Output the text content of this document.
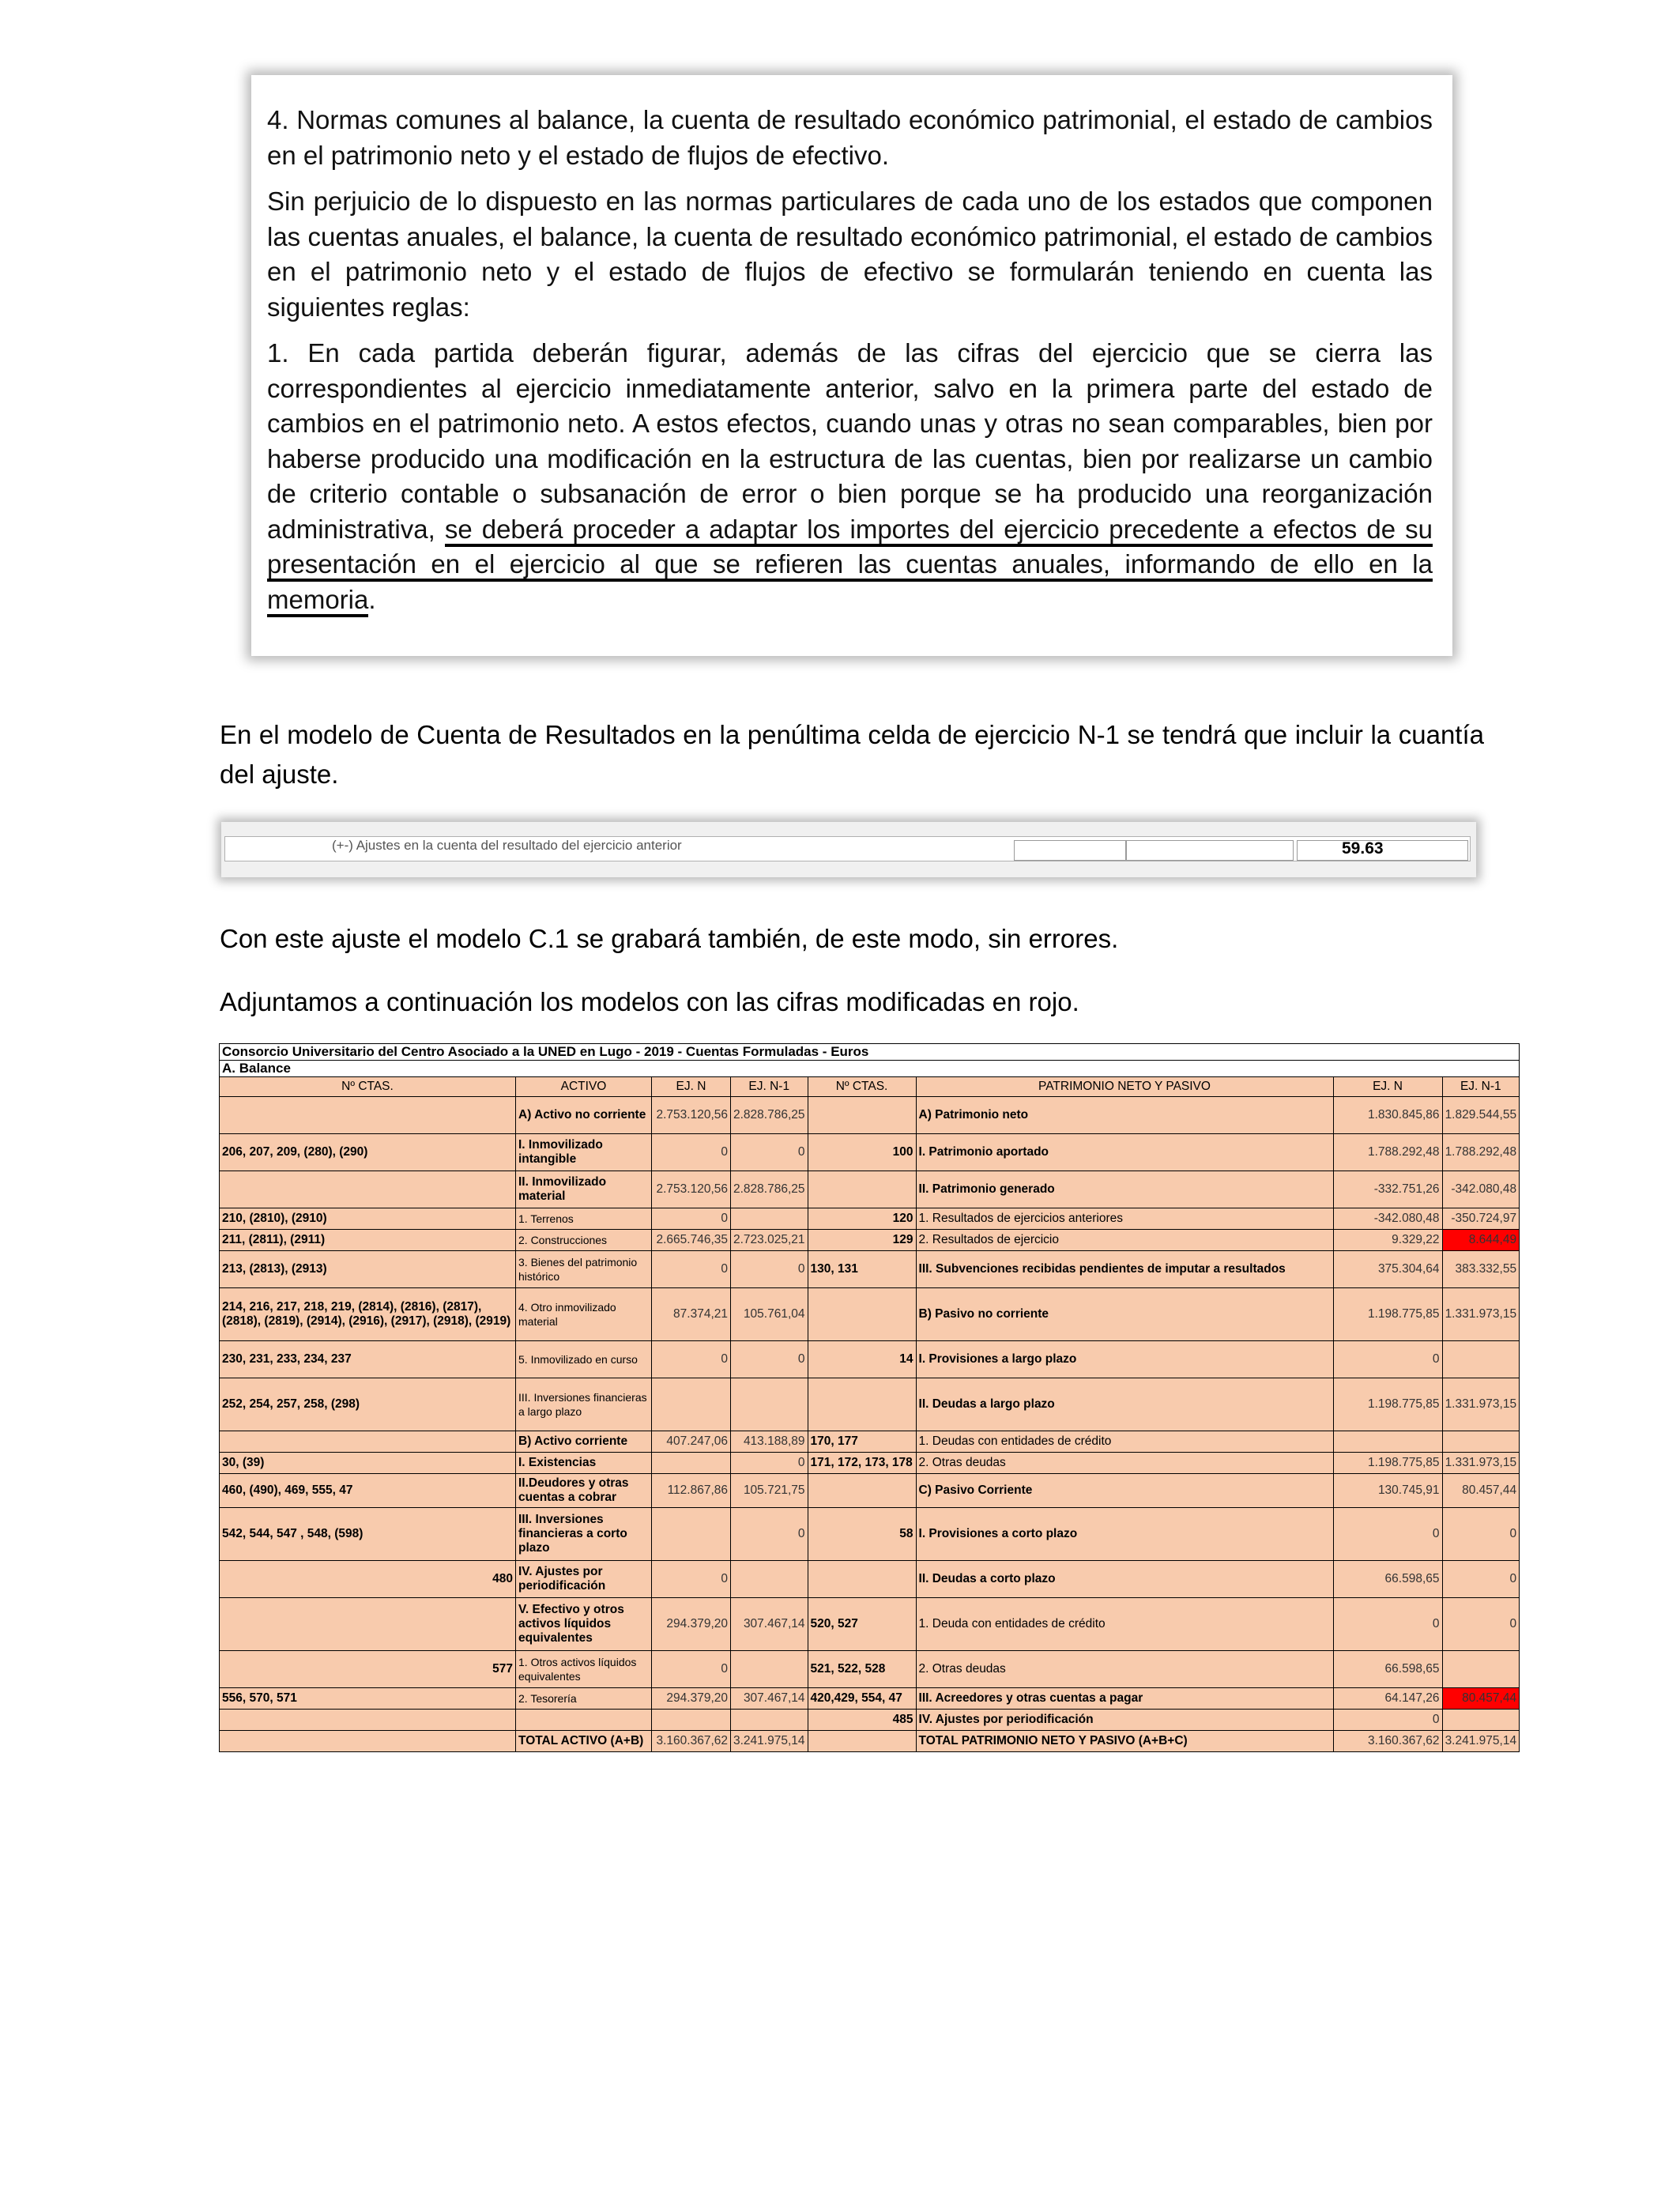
4. Normas comunes al balance, la cuenta de resultado económico patrimonial, el estado de cambios en el patrimonio neto y el estado de flujos de efectivo.

Sin perjuicio de lo dispuesto en las normas particulares de cada uno de los estados que componen las cuentas anuales, el balance, la cuenta de resultado económico patrimonial, el estado de cambios en el patrimonio neto y el estado de flujos de efectivo se formularán teniendo en cuenta las siguientes reglas:

1. En cada partida deberán figurar, además de las cifras del ejercicio que se cierra las correspondientes al ejercicio inmediatamente anterior, salvo en la primera parte del estado de cambios en el patrimonio neto. A estos efectos, cuando unas y otras no sean comparables, bien por haberse producido una modificación en la estructura de las cuentas, bien por realizarse un cambio de criterio contable o subsanación de error o bien porque se ha producido una reorganización administrativa, se deberá proceder a adaptar los importes del ejercicio precedente a efectos de su presentación en el ejercicio al que se refieren las cuentas anuales, informando de ello en la memoria.

En el modelo de Cuenta de Resultados en la penúltima celda de ejercicio N-1 se tendrá que incluir la cuantía del ajuste.

(+-) Ajustes en la cuenta del resultado del ejercicio anterior	59.63

Con este ajuste el modelo C.1 se grabará también, de este modo, sin errores.

Adjuntamos a continuación los modelos con las cifras modificadas en rojo.

Consorcio Universitario del Centro Asociado a la UNED en Lugo - 2019 - Cuentas Formuladas - Euros							
A. Balance							
Nº CTAS.	ACTIVO	EJ. N	EJ. N-1	Nº CTAS.	PATRIMONIO NETO Y PASIVO	EJ. N	EJ. N-1
	A) Activo no corriente	2.753.120,56	2.828.786,25		A) Patrimonio neto	1.830.845,86	1.829.544,55
206, 207, 209, (280), (290)	I. Inmovilizado intangible	0	0	100	I. Patrimonio aportado	1.788.292,48	1.788.292,48
	II. Inmovilizado material	2.753.120,56	2.828.786,25		II. Patrimonio generado	-332.751,26	-342.080,48
210, (2810), (2910)	1. Terrenos	0		120	1. Resultados de ejercicios anteriores	-342.080,48	-350.724,97
211, (2811), (2911)	2. Construcciones	2.665.746,35	2.723.025,21	129	2. Resultados de ejercicio	9.329,22	8.644,49
213, (2813), (2913)	3. Bienes del patrimonio histórico	0	0	130, 131	III. Subvenciones recibidas pendientes de imputar a resultados	375.304,64	383.332,55
214, 216, 217, 218, 219, (2814), (2816), (2817), (2818), (2819), (2914), (2916), (2917), (2918), (2919)	4. Otro inmovilizado material	87.374,21	105.761,04		B) Pasivo no corriente	1.198.775,85	1.331.973,15
230, 231, 233, 234, 237	5. Inmovilizado en curso	0	0	14	I. Provisiones a largo plazo	0	
252, 254, 257, 258, (298)	III. Inversiones financieras a largo plazo				II. Deudas a largo plazo	1.198.775,85	1.331.973,15
	B) Activo corriente	407.247,06	413.188,89	170, 177	1. Deudas con entidades de crédito		
30, (39)	I. Existencias		0	171, 172, 173, 178	2. Otras deudas	1.198.775,85	1.331.973,15
460, (490), 469, 555, 47	II.Deudores y otras cuentas a cobrar	112.867,86	105.721,75		C) Pasivo Corriente	130.745,91	80.457,44
542, 544, 547 , 548, (598)	III. Inversiones financieras a corto plazo		0	58	I. Provisiones a corto plazo	0	0
480	IV. Ajustes por periodificación	0			II. Deudas a corto plazo	66.598,65	0
	V. Efectivo y otros activos líquidos equivalentes	294.379,20	307.467,14	520, 527	1. Deuda con entidades de crédito	0	0
577	1. Otros activos líquidos equivalentes	0		521, 522, 528	2. Otras deudas	66.598,65	
556, 570, 571	2. Tesorería	294.379,20	307.467,14	420,429, 554, 47	III. Acreedores y otras cuentas a pagar	64.147,26	80.457,44
				485	IV. Ajustes por periodificación	0	
	TOTAL ACTIVO (A+B)	3.160.367,62	3.241.975,14		TOTAL PATRIMONIO NETO Y PASIVO (A+B+C)	3.160.367,62	3.241.975,14
